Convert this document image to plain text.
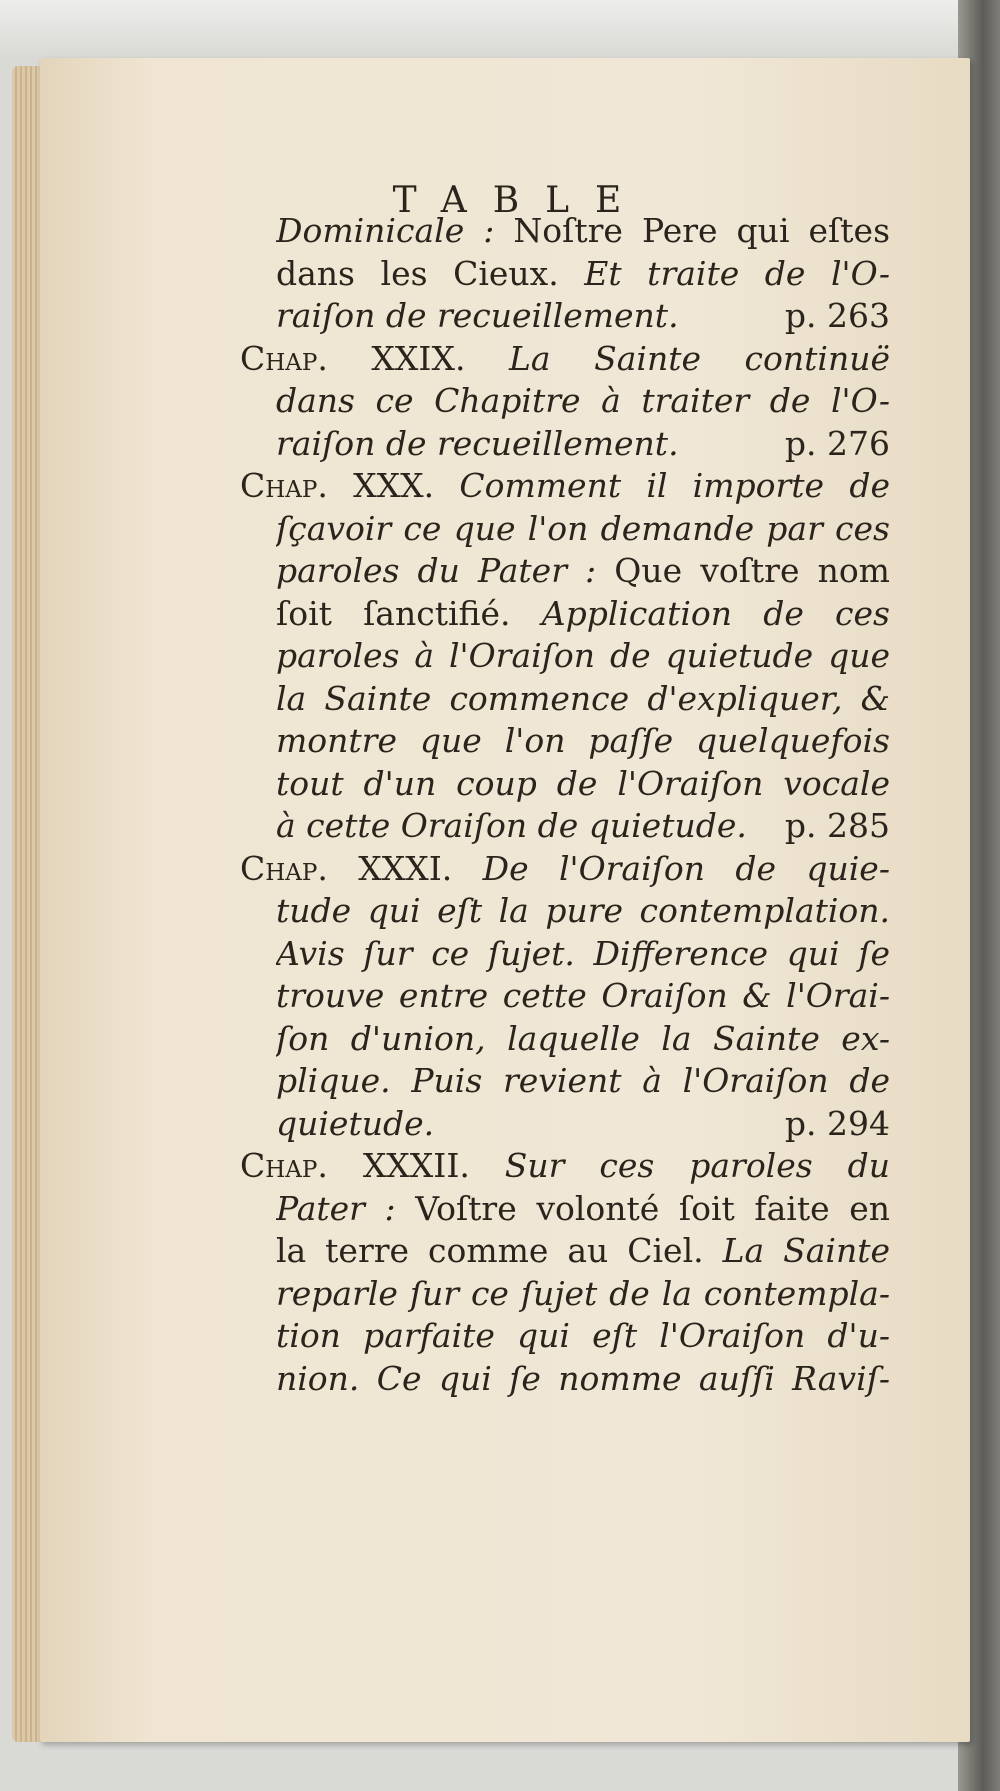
TABLE
Dominicale : Noſtre Pere qui eſtes
dans les Cieux. Et traite de l'O-
p. 263
raiſon de recueillement.
Chap. XXIX. La Sainte continuë
dans ce Chapitre à traiter de l'O-
p. 276
raiſon de recueillement.
Chap. XXX. Comment il importe de
ſçavoir ce que l'on demande par ces
paroles du Pater : Que voſtre nom
ſoit ſanctifié. Application de ces
paroles à l'Oraiſon de quietude que
la Sainte commence d'expliquer, &
montre que l'on paſſe quelquefois
tout d'un coup de l'Oraiſon vocale
p. 285
à cette Oraiſon de quietude.
Chap. XXXI. De l'Oraiſon de quie-
tude qui eſt la pure contemplation.
Avis ſur ce ſujet. Difference qui ſe
trouve entre cette Oraiſon & l'Orai-
ſon d'union, laquelle la Sainte ex-
plique. Puis revient à l'Oraiſon de
p. 294
quietude.
Chap. XXXII. Sur ces paroles du
Pater : Voſtre volonté ſoit faite en
la terre comme au Ciel. La Sainte
reparle ſur ce ſujet de la contempla-
tion parfaite qui eſt l'Oraiſon d'u-
nion. Ce qui ſe nomme auſſi Raviſ-
